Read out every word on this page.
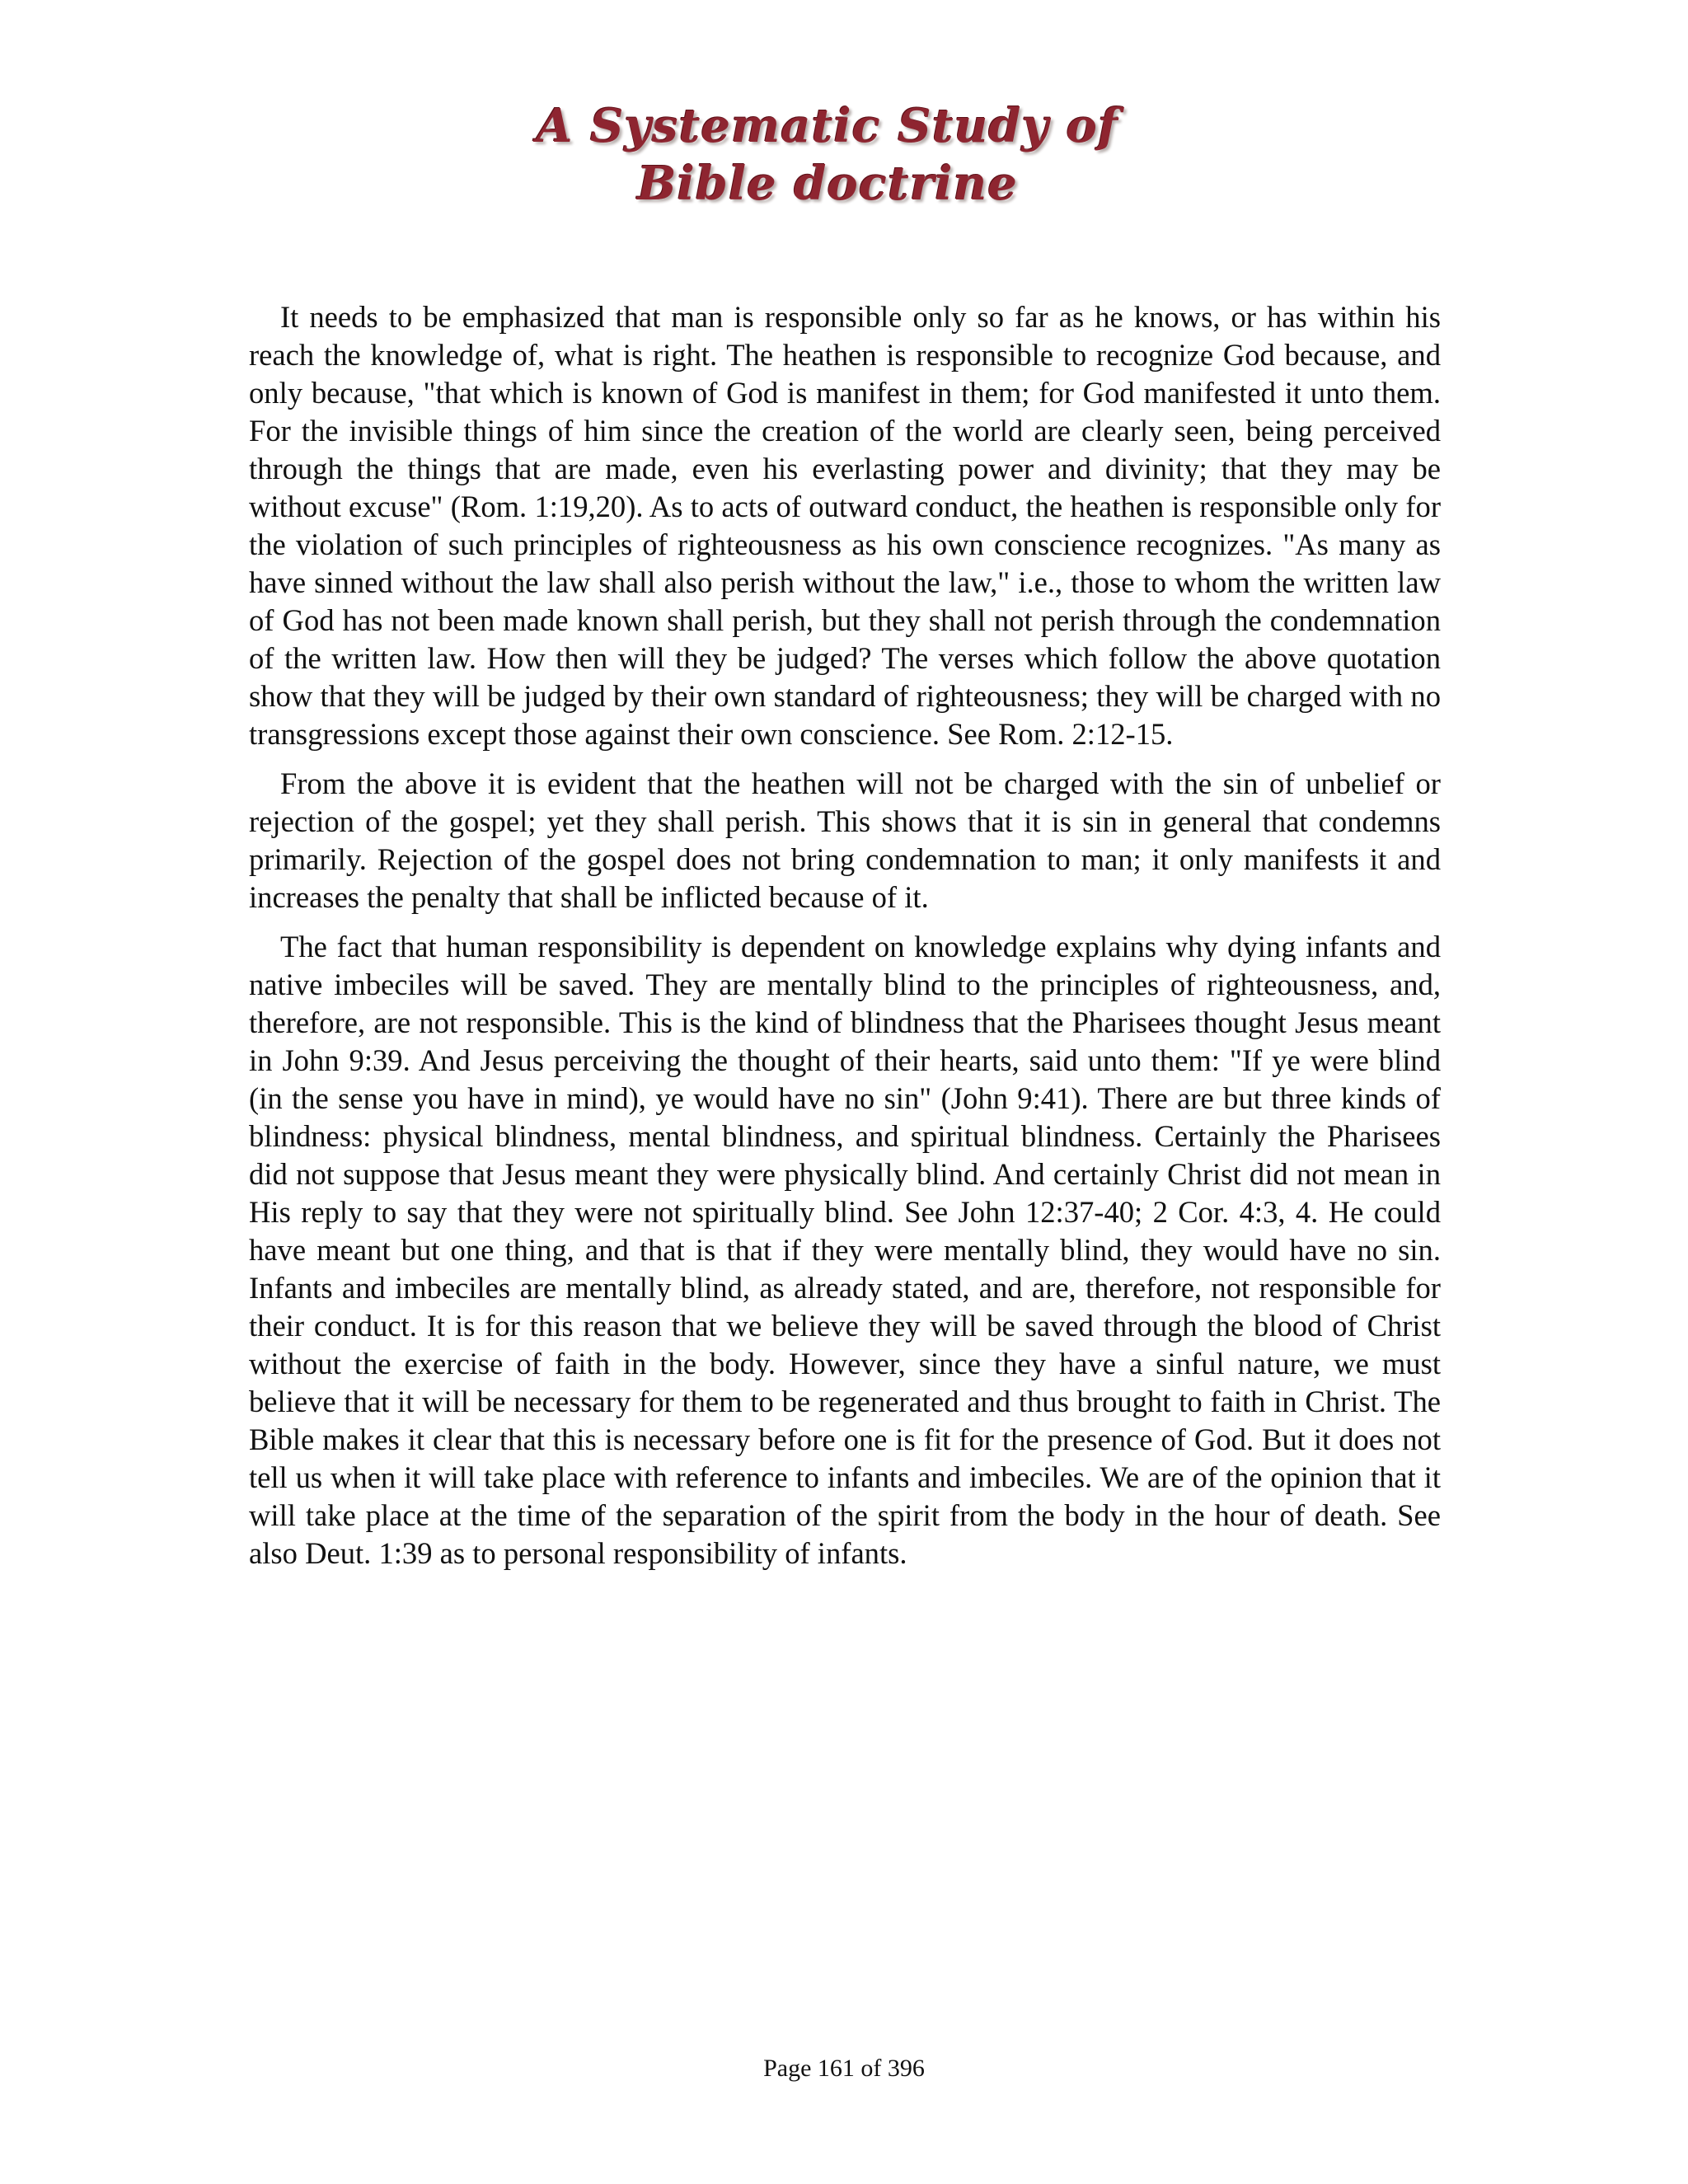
A Systematic Study of
Bible doctrine

It needs to be emphasized that man is responsible only so far as he knows, or has within his reach the knowledge of, what is right. The heathen is responsible to recognize God because, and only because, "that which is known of God is manifest in them; for God manifested it unto them. For the invisible things of him since the creation of the world are clearly seen, being perceived through the things that are made, even his everlasting power and divinity; that they may be without excuse" (Rom. 1:19,20). As to acts of outward conduct, the heathen is responsible only for the violation of such principles of righteousness as his own conscience recognizes. "As many as have sinned without the law shall also perish without the law," i.e., those to whom the written law of God has not been made known shall perish, but they shall not perish through the condemnation of the written law. How then will they be judged? The verses which follow the above quotation show that they will be judged by their own standard of righteousness; they will be charged with no transgressions except those against their own conscience. See Rom. 2:12-15.

From the above it is evident that the heathen will not be charged with the sin of unbelief or rejection of the gospel; yet they shall perish. This shows that it is sin in general that condemns primarily. Rejection of the gospel does not bring condemnation to man; it only manifests it and increases the penalty that shall be inflicted because of it.

The fact that human responsibility is dependent on knowledge explains why dying infants and native imbeciles will be saved. They are mentally blind to the principles of righteousness, and, therefore, are not responsible. This is the kind of blindness that the Pharisees thought Jesus meant in John 9:39. And Jesus perceiving the thought of their hearts, said unto them: "If ye were blind (in the sense you have in mind), ye would have no sin" (John 9:41). There are but three kinds of blindness: physical blindness, mental blindness, and spiritual blindness. Certainly the Pharisees did not suppose that Jesus meant they were physically blind. And certainly Christ did not mean in His reply to say that they were not spiritually blind. See John 12:37-40; 2 Cor. 4:3, 4. He could have meant but one thing, and that is that if they were mentally blind, they would have no sin. Infants and imbeciles are mentally blind, as already stated, and are, therefore, not responsible for their conduct. It is for this reason that we believe they will be saved through the blood of Christ without the exercise of faith in the body. However, since they have a sinful nature, we must believe that it will be necessary for them to be regenerated and thus brought to faith in Christ. The Bible makes it clear that this is necessary before one is fit for the presence of God. But it does not tell us when it will take place with reference to infants and imbeciles. We are of the opinion that it will take place at the time of the separation of the spirit from the body in the hour of death. See also Deut. 1:39 as to personal responsibility of infants.

Page 161 of 396
